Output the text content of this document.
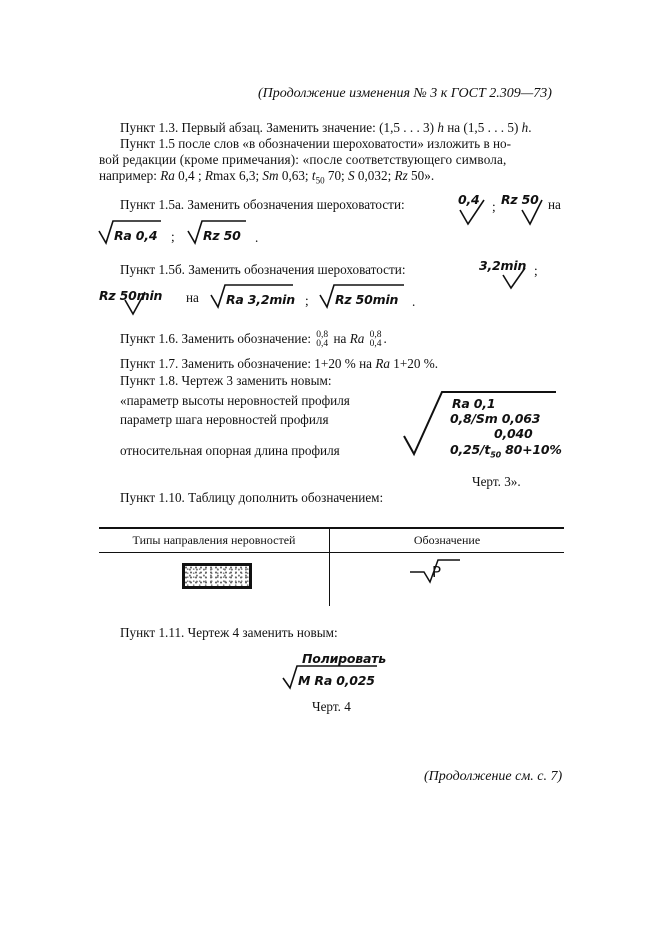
(Продолжение изменения № 3 к ГОСТ 2.309—73)
Пункт 1.3. Первый абзац. Заменить значение: (1,5 . . . 3) h на (1,5 . . . 5) h.
Пункт 1.5 после слов «в обозначении шероховатости» изложить в но-
вой редакции (кроме примечания): «после соответствующего символа,
например: Ra 0,4 ; Rmax 6,3; Sm 0,63; $t_{50}$ 70; S 0,032; Rz 50».
Пункт 1.5а. Заменить обозначения шероховатости:	0,4 ; Rz 50 на
Ra 0,4 ; Rz 50 .
Пункт 1.5б. Заменить обозначения шероховатости:	3,2min ;
Rz 50min на Ra 3,2min ; Rz 50min .
Пункт 1.6. Заменить обозначение: 0,8
0,4 на Ra 0,8
0,4 .
Пункт 1.7. Заменить обозначение: 1+20 % на Ra 1+20 %.
Пункт 1.8. Чертеж 3 заменить новым:
«параметр высоты неровностей профиля
параметр шага неровностей профиля
относительная опорная длина профиля
Ra 0,1
0,8/Sm 0,063
0,040
$0,25/t_{50}$ 80+10%
Черт. 3».
Пункт 1.10. Таблицу дополнить обозначением:
Типы направления неровностей	Обозначение
P
Пункт 1.11. Чертеж 4 заменить новым:
Полировать
M Ra 0,025
Черт. 4
(Продолжение см. с. 7)
